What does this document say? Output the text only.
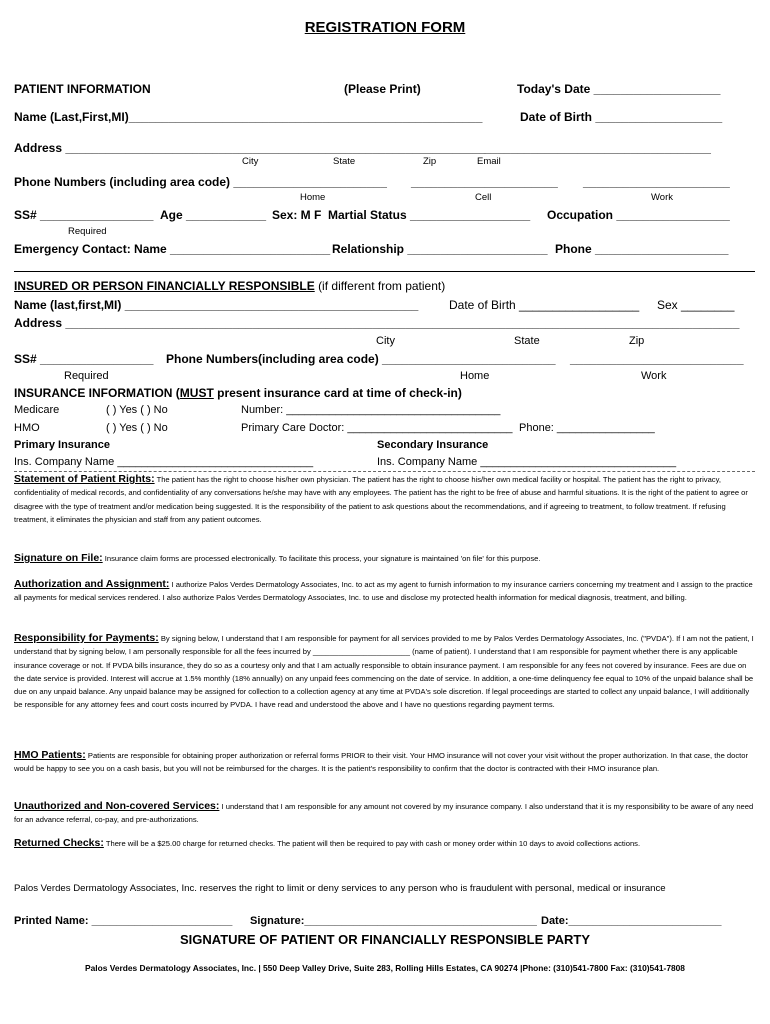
REGISTRATION FORM
PATIENT INFORMATION	(Please Print)	Today's Date ___________________
Name (Last,First,MI)_____________________________________________________	Date of Birth ___________________
Address _______________________________________________________________
__________________________________
City	State	Zip	Email
Phone Numbers (including area code) _______________________ ______________________ ______________________
Home	Cell	Work
SS# _________________ Age ____________ Sex: M F Martial Status __________________ Occupation _________________
Required
Emergency Contact: Name ________________________ Relationship _____________________ Phone ____________________
INSURED OR PERSON FINANCIALLY RESPONSIBLE (if different from patient)
Name (last,first,MI) ____________________________________________	Date of Birth __________________ Sex ________
Address _____________________________________________________________________________________________________
City	State	Zip
SS# _________________ Phone Numbers(including area code) __________________________ __________________________
Required	Home	Work
INSURANCE INFORMATION (MUST present insurance card at time of check-in)
Medicare	( ) Yes ( ) No	Number: ___________________________________
HMO	( ) Yes ( ) No	Primary Care Doctor: ___________________________ Phone: ________________
Primary Insurance	Secondary Insurance
Ins. Company Name ________________________________	Ins. Company Name ________________________________
Statement of Patient Rights: The patient has the right to choose his/her own physician. The patient has the right to choose his/her own medical facility or hospital. The patient has the right to privacy, confidentiality of medical records, and confidentiality of any conversations he/she may have with any employees. The patient has the right to be free of abuse and harmful situations. It is the right of the patient to agree or disagree with the type of treatment and/or medication being suggested. It is the responsibility of the patient to ask questions about the recommendations, and if agreeing to treatment, to follow treatment. If refusing treatment, it eliminates the physician and staff from any patient outcomes.
Signature on File: Insurance claim forms are processed electronically. To facilitate this process, your signature is maintained 'on file' for this purpose.
Authorization and Assignment: I authorize Palos Verdes Dermatology Associates, Inc. to act as my agent to furnish information to my insurance carriers concerning my treatment and I assign to the practice all payments for medical services rendered. I also authorize Palos Verdes Dermatology Associates, Inc. to use and disclose my protected health information for medical diagnosis, treatment, and billing.
Responsibility for Payments: By signing below, I understand that I am responsible for payment for all services provided to me by Palos Verdes Dermatology Associates, Inc. ("PVDA"). If I am not the patient, I understand that by signing below, I am personally responsible for all the fees incurred by _______________________ (name of patient). I understand that I am responsible for payment whether there is any applicable insurance coverage or not. If PVDA bills insurance, they do so as a courtesy only and that I am actually responsible to obtain insurance payment. I am responsible for any fees not covered by insurance. Fees are due on the date service is provided. Interest will accrue at 1.5% monthly (18% annually) on any unpaid fees commencing on the date of service. In addition, a one-time delinquency fee equal to 10% of the unpaid balance shall be due on any unpaid balance. Any unpaid balance may be assigned for collection to a collection agency at any time at PVDA's sole discretion. If legal proceedings are started to collect any unpaid balance, I will additionally be responsible for any attorney fees and court costs incurred by PVDA. I have read and understood the above and I have no questions regarding payment terms.
HMO Patients: Patients are responsible for obtaining proper authorization or referral forms PRIOR to their visit. Your HMO insurance will not cover your visit without the proper authorization. In that case, the doctor would be happy to see you on a cash basis, but you will not be reimbursed for the charges. It is the patient's responsibility to confirm that the doctor is contracted with their HMO insurance plan.
Unauthorized and Non-covered Services: I understand that I am responsible for any amount not covered by my insurance company. I also understand that it is my responsibility to be aware of any need for an advance referral, co-pay, and pre-authorizations.
Returned Checks: There will be a $25.00 charge for returned checks. The patient will then be required to pay with cash or money order within 10 days to avoid collections actions.
Palos Verdes Dermatology Associates, Inc. reserves the right to limit or deny services to any person who is fraudulent with personal, medical or insurance
Printed Name: _______________________ Signature:______________________________________ Date:_________________________
SIGNATURE OF PATIENT OR FINANCIALLY RESPONSIBLE PARTY
Palos Verdes Dermatology Associates, Inc. | 550 Deep Valley Drive, Suite 283, Rolling Hills Estates, CA 90274 |Phone: (310)541-7800 Fax: (310)541-7808
